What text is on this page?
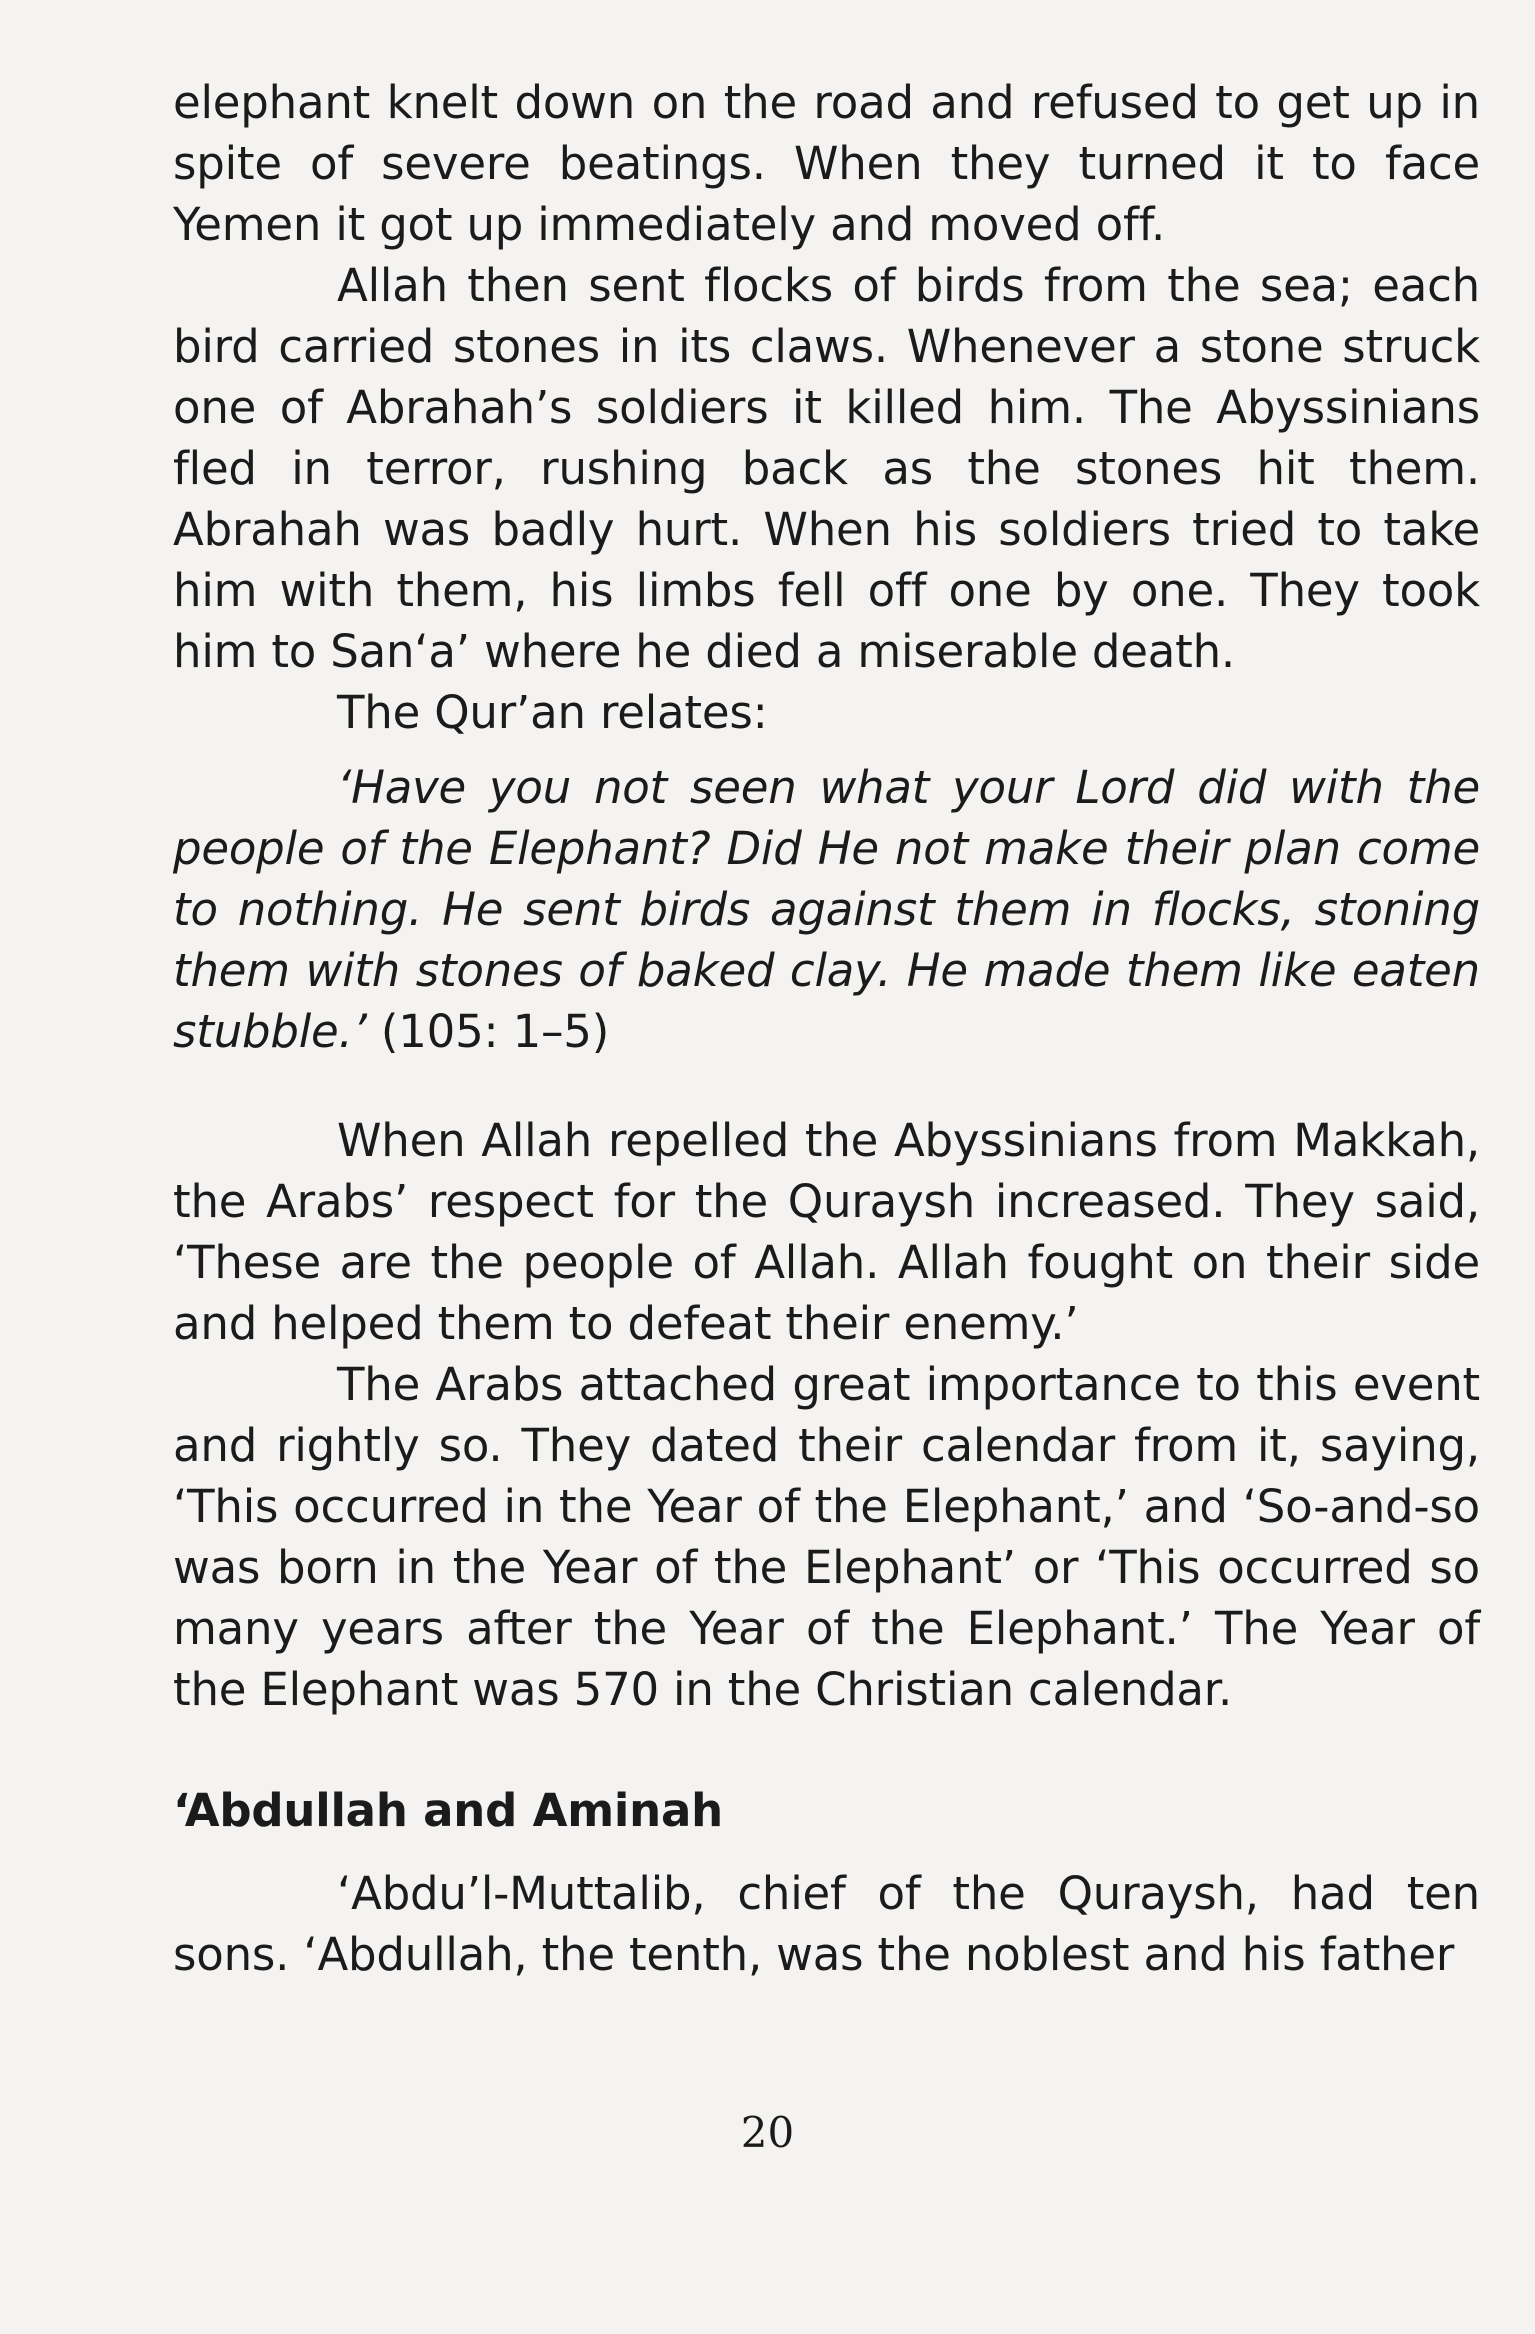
elephant knelt down on the road and refused to get up in spite of severe beatings. When they turned it to face Yemen it got up immediately and moved off.

Allah then sent flocks of birds from the sea; each bird carried stones in its claws. Whenever a stone struck one of Abrahah’s soldiers it killed him. The Abyssinians fled in terror, rushing back as the stones hit them. Abrahah was badly hurt. When his soldiers tried to take him with them, his limbs fell off one by one. They took him to San‘a’ where he died a miserable death.

The Qur’an relates:

‘Have you not seen what your Lord did with the people of the Elephant? Did He not make their plan come to nothing. He sent birds against them in flocks, stoning them with stones of baked clay. He made them like eaten stubble.’ (105: 1–5)

When Allah repelled the Abyssinians from Makkah, the Arabs’ respect for the Quraysh increased. They said, ‘These are the people of Allah. Allah fought on their side and helped them to defeat their enemy.’

The Arabs attached great importance to this event and rightly so. They dated their calendar from it, saying, ‘This occurred in the Year of the Elephant,’ and ‘So-and-so was born in the Year of the Elephant’ or ‘This occurred so many years after the Year of the Elephant.’ The Year of the Elephant was 570 in the Christian calendar.

‘Abdullah and Aminah

‘Abdu’l-Muttalib, chief of the Quraysh, had ten sons. ‘Abdullah, the tenth, was the noblest and his father

20
